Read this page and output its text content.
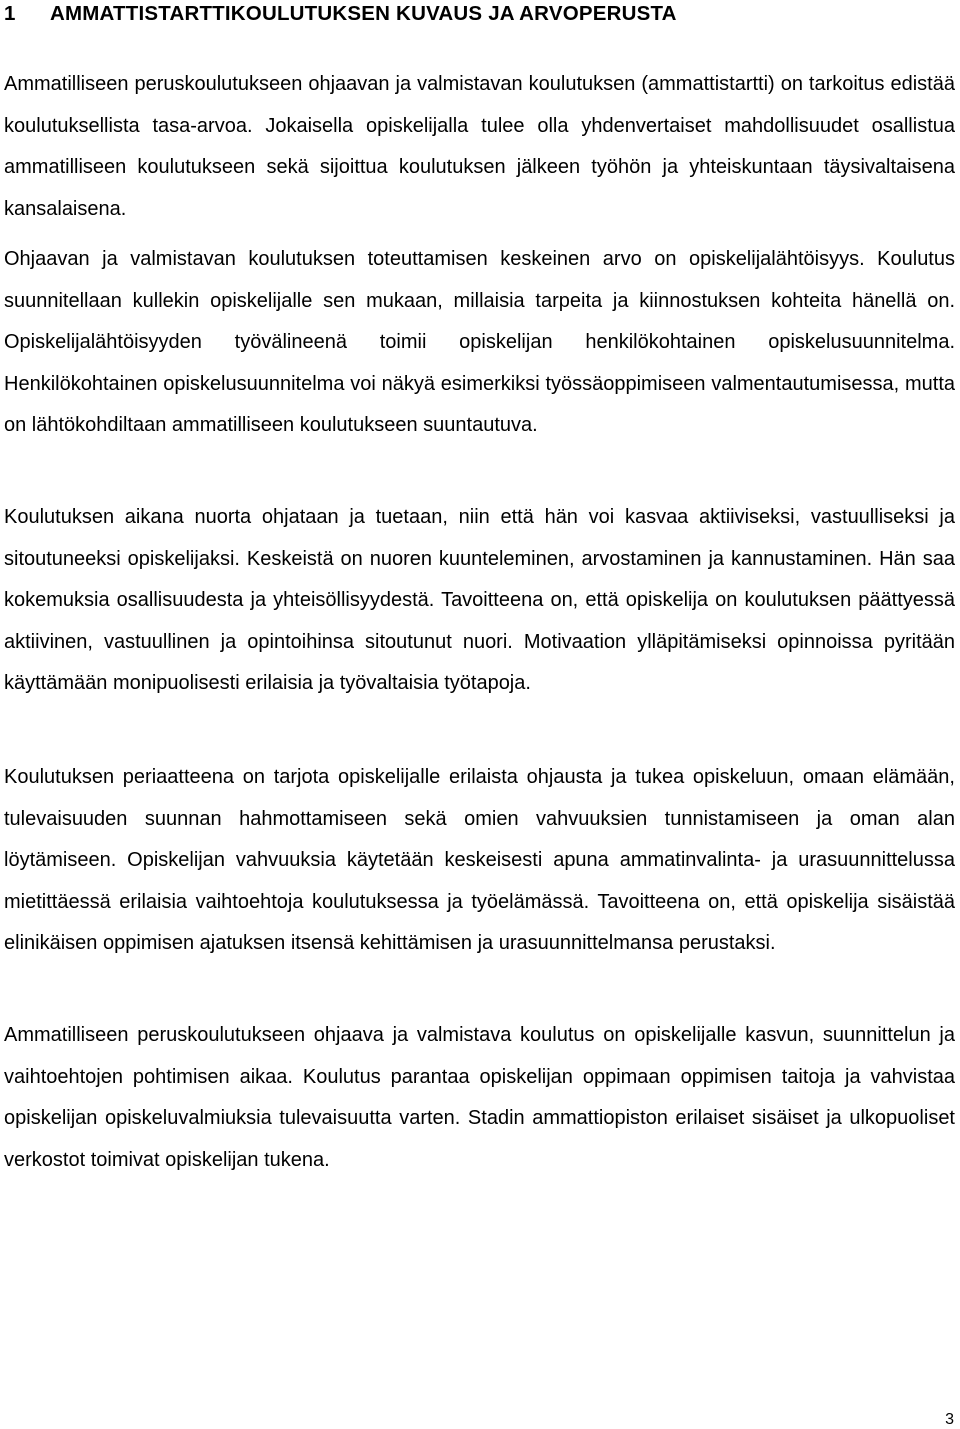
1 AMMATTISTARTTIKOULUTUKSEN KUVAUS JA ARVOPERUSTA

Ammatilliseen peruskoulutukseen ohjaavan ja valmistavan koulutuksen (ammattistartti) on tarkoitus edistää koulutuksellista tasa-arvoa. Jokaisella opiskelijalla tulee olla yhdenvertaiset mahdollisuudet osallistua ammatilliseen koulutukseen sekä sijoittua koulutuksen jälkeen työhön ja yhteiskuntaan täysivaltaisena kansalaisena.

Ohjaavan ja valmistavan koulutuksen toteuttamisen keskeinen arvo on opiskelijalähtöisyys. Koulutus suunnitellaan kullekin opiskelijalle sen mukaan, millaisia tarpeita ja kiinnostuksen kohteita hänellä on. Opiskelijalähtöisyyden työvälineenä toimii opiskelijan henkilökohtainen opiskelusuunnitelma. Henkilökohtainen opiskelusuunnitelma voi näkyä esimerkiksi työssäoppimiseen valmentautumisessa, mutta on lähtökohdiltaan ammatilliseen koulutukseen suuntautuva.

Koulutuksen aikana nuorta ohjataan ja tuetaan, niin että hän voi kasvaa aktiiviseksi, vastuulliseksi ja sitoutuneeksi opiskelijaksi. Keskeistä on nuoren kuunteleminen, arvostaminen ja kannustaminen. Hän saa kokemuksia osallisuudesta ja yhteisöllisyydestä. Tavoitteena on, että opiskelija on koulutuksen päättyessä aktiivinen, vastuullinen ja opintoihinsa sitoutunut nuori. Motivaation ylläpitämiseksi opinnoissa pyritään käyttämään monipuolisesti erilaisia ja työvaltaisia työtapoja.

Koulutuksen periaatteena on tarjota opiskelijalle erilaista ohjausta ja tukea opiskeluun, omaan elämään, tulevaisuuden suunnan hahmottamiseen sekä omien vahvuuksien tunnistamiseen ja oman alan löytämiseen. Opiskelijan vahvuuksia käytetään keskeisesti apuna ammatinvalinta- ja urasuunnittelussa mietittäessä erilaisia vaihtoehtoja koulutuksessa ja työelämässä. Tavoitteena on, että opiskelija sisäistää elinikäisen oppimisen ajatuksen itsensä kehittämisen ja urasuunnittelmansa perustaksi.

Ammatilliseen peruskoulutukseen ohjaava ja valmistava koulutus on opiskelijalle kasvun, suunnittelun ja vaihtoehtojen pohtimisen aikaa. Koulutus parantaa opiskelijan oppimaan oppimisen taitoja ja vahvistaa opiskelijan opiskeluvalmiuksia tulevaisuutta varten. Stadin ammattiopiston erilaiset sisäiset ja ulkopuoliset verkostot toimivat opiskelijan tukena.

3
